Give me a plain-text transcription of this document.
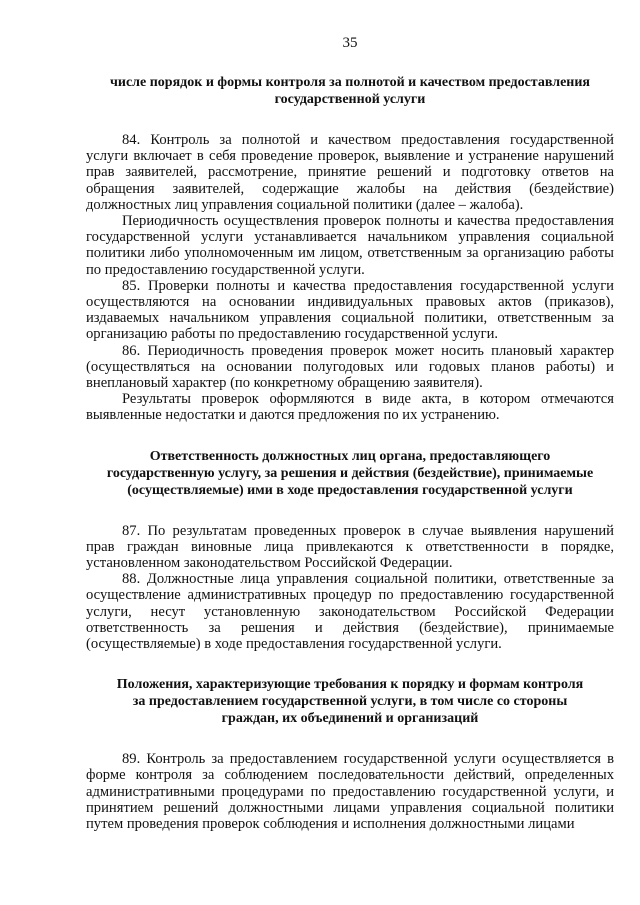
35

числе порядок и формы контроля за полнотой и качеством предоставления

государственной услуги

84. Контроль за полнотой и качеством предоставления государственной услуги включает в себя проведение проверок, выявление и устранение нарушений прав заявителей, рассмотрение, принятие решений и подготовку ответов на обращения заявителей, содержащие жалобы на действия (бездействие) должностных лиц управления социальной политики (далее – жалоба).

Периодичность осуществления проверок полноты и качества предоставления государственной услуги устанавливается начальником управления социальной политики либо уполномоченным им лицом, ответственным за организацию работы по предоставлению государственной услуги.

85. Проверки полноты и качества предоставления государственной услуги осуществляются на основании индивидуальных правовых актов (приказов), издаваемых начальником управления социальной политики, ответственным за организацию работы по предоставлению государственной услуги.

86. Периодичность проведения проверок может носить плановый характер (осуществляться на основании полугодовых или годовых планов работы) и внеплановый характер (по конкретному обращению заявителя).

Результаты проверок оформляются в виде акта, в котором отмечаются выявленные недостатки и даются предложения по их устранению.

Ответственность должностных лиц органа, предоставляющего

государственную услугу, за решения и действия (бездействие), принимаемые

(осуществляемые) ими в ходе предоставления государственной услуги

87. По результатам проведенных проверок в случае выявления нарушений прав граждан виновные лица привлекаются к ответственности в порядке, установленном законодательством Российской Федерации.

88. Должностные лица управления социальной политики, ответственные за осуществление административных процедур по предоставлению государственной услуги, несут установленную законодательством Российской Федерации ответственность за решения и действия (бездействие), принимаемые (осуществляемые) в ходе предоставления государственной услуги.

Положения, характеризующие требования к порядку и формам контроля

за предоставлением государственной услуги, в том числе со стороны

граждан, их объединений и организаций

89. Контроль за предоставлением государственной услуги осуществляется в форме контроля за соблюдением последовательности действий, определенных административными процедурами по предоставлению государственной услуги, и принятием решений должностными лицами управления социальной политики путем проведения проверок соблюдения и исполнения должностными лицами
